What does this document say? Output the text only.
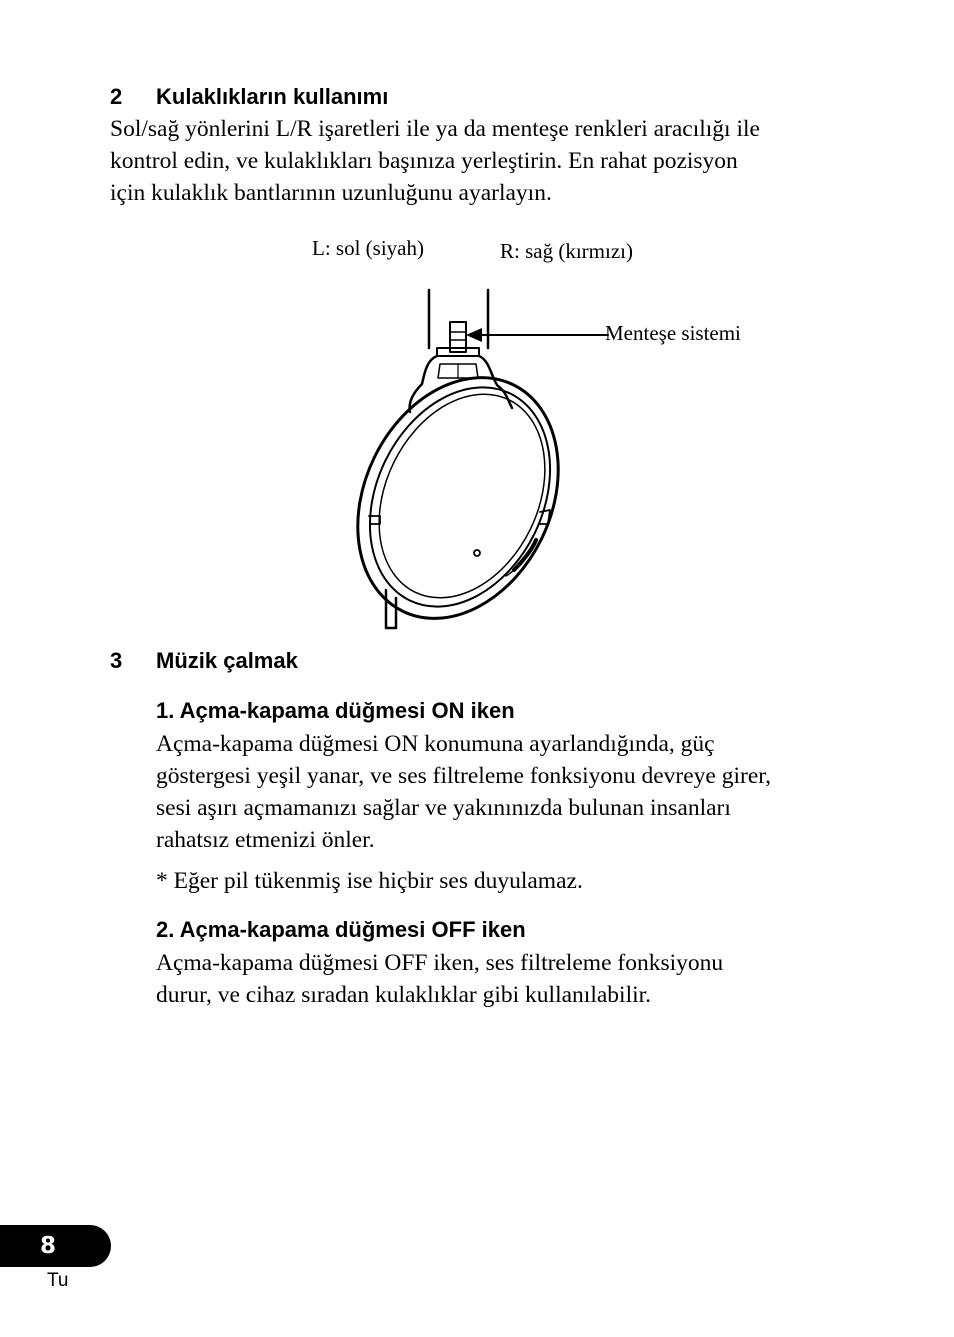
2 Kulaklıkların kullanımı
Sol/sağ yönlerini L/R işaretleri ile ya da menteşe renkleri aracılığı ile
kontrol edin, ve kulaklıkları başınıza yerleştirin. En rahat pozisyon
için kulaklık bantlarının uzunluğunu ayarlayın.
L: sol (siyah)	R: sağ (kırmızı)
Menteşe sistemi
3 Müzik çalmak
1. Açma-kapama düğmesi ON iken
Açma-kapama düğmesi ON konumuna ayarlandığında, güç
göstergesi yeşil yanar, ve ses filtreleme fonksiyonu devreye girer,
sesi aşırı açmamanızı sağlar ve yakınınızda bulunan insanları
rahatsız etmenizi önler.
* Eğer pil tükenmiş ise hiçbir ses duyulamaz.
2. Açma-kapama düğmesi OFF iken
Açma-kapama düğmesi OFF iken, ses filtreleme fonksiyonu
durur, ve cihaz sıradan kulaklıklar gibi kullanılabilir.
8
Tu
